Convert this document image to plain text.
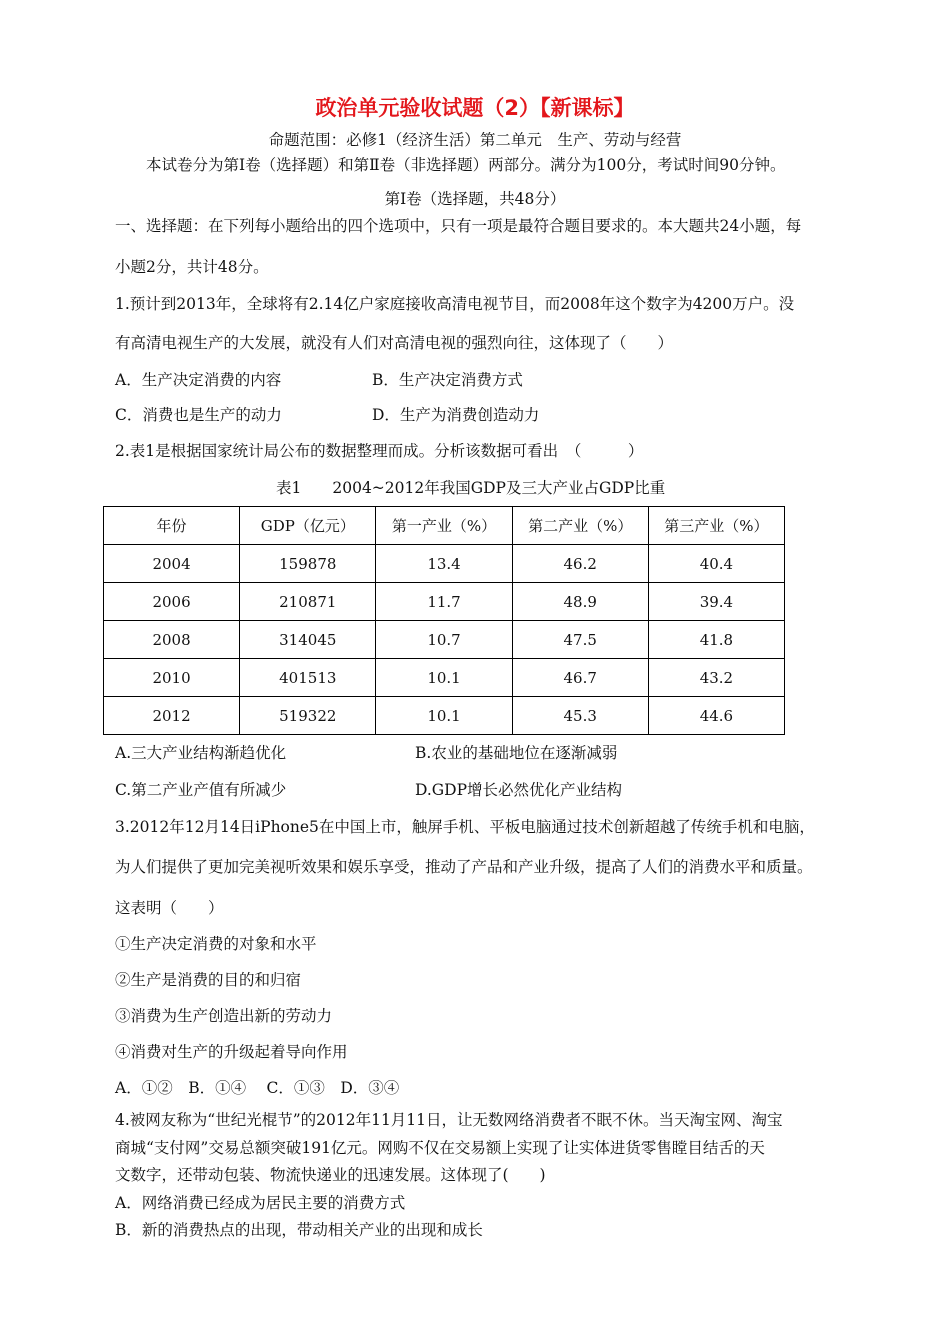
政治单元验收试题（2）【新课标】
命题范围：必修1（经济生活）第二单元　生产、劳动与经营
本试卷分为第Ⅰ卷（选择题）和第Ⅱ卷（非选择题）两部分。满分为100分，考试时间90分钟。
第Ⅰ卷（选择题，共48分）
一、选择题：在下列每小题给出的四个选项中，只有一项是最符合题目要求的。本大题共24小题，每
小题2分，共计48分。
1.预计到2013年，全球将有2.14亿户家庭接收高清电视节目，而2008年这个数字为4200万户。没
有高清电视生产的大发展，就没有人们对高清电视的强烈向往，这体现了（　　）
A．生产决定消费的内容	B．生产决定消费方式
C．消费也是生产的动力	D．生产为消费创造动力
2.表1是根据国家统计局公布的数据整理而成。分析该数据可看出　（　　　）
表1　　2004~2012年我国GDP及三大产业占GDP比重
年份	GDP（亿元）	第一产业（%）	第二产业（%）	第三产业（%）
2004	159878	13.4	46.2	40.4
2006	210871	11.7	48.9	39.4
2008	314045	10.7	47.5	41.8
2010	401513	10.1	46.7	43.2
2012	519322	10.1	45.3	44.6
A.三大产业结构渐趋优化	B.农业的基础地位在逐渐减弱
C.第二产业产值有所减少	D.GDP增长必然优化产业结构
3.2012年12月14日iPhone5在中国上市，触屏手机、平板电脑通过技术创新超越了传统手机和电脑，
为人们提供了更加完美视听效果和娱乐享受，推动了产品和产业升级，提高了人们的消费水平和质量。
这表明（　　）
①生产决定消费的对象和水平
②生产是消费的目的和归宿
③消费为生产创造出新的劳动力
④消费对生产的升级起着导向作用
A．①②　B．①④　 C．①③　D．③④
4.被网友称为“世纪光棍节”的2012年11月11日，让无数网络消费者不眠不休。当天淘宝网、淘宝
商城“支付网”交易总额突破191亿元。网购不仅在交易额上实现了让实体进货零售瞠目结舌的天
文数字，还带动包装、物流快递业的迅速发展。这体现了(　　)
A．网络消费已经成为居民主要的消费方式
B．新的消费热点的出现，带动相关产业的出现和成长
